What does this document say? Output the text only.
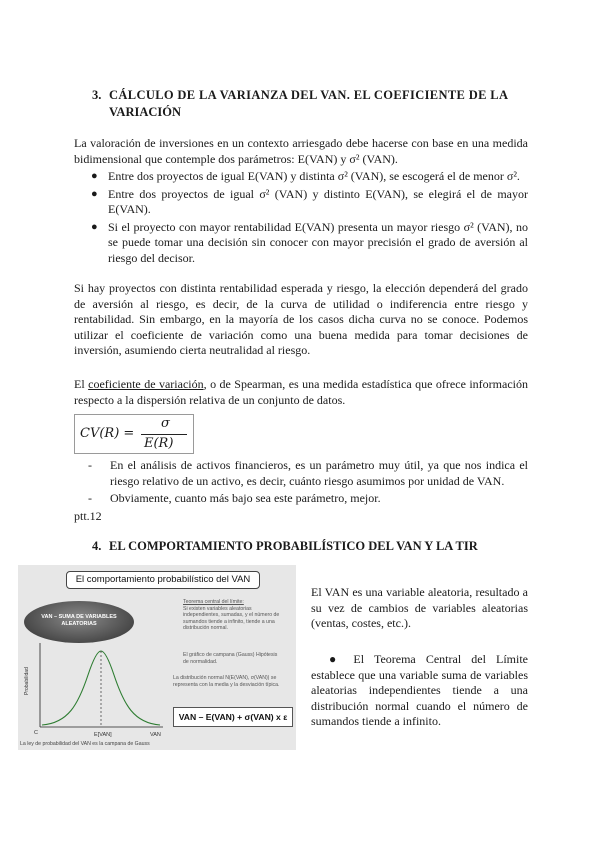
3. CÁLCULO DE LA VARIANZA DEL VAN. EL COEFICIENTE DE LA
VARIACIÓN
La valoración de inversiones en un contexto arriesgado debe hacerse con base en una medida bidimensional que contemple dos parámetros: E(VAN) y σ² (VAN).
● Entre dos proyectos de igual E(VAN) y distinta σ² (VAN), se escogerá el de menor σ².
● Entre dos proyectos de igual σ² (VAN) y distinto E(VAN), se elegirá el de mayor E(VAN).
● Si el proyecto con mayor rentabilidad E(VAN) presenta un mayor riesgo σ² (VAN), no se puede tomar una decisión sin conocer con mayor precisión el grado de aversión al riesgo del decisor.
Si hay proyectos con distinta rentabilidad esperada y riesgo, la elección dependerá del grado de aversión al riesgo, es decir, de la curva de utilidad o indiferencia entre riesgo y rentabilidad. Sin embargo, en la mayoría de los casos dicha curva no se conoce. Podemos utilizar el coeficiente de variación como una buena medida para tomar decisiones de inversión, asumiendo cierta neutralidad al riesgo.
El coeficiente de variación, o de Spearman, es una medida estadística que ofrece información respecto a la dispersión relativa de un conjunto de datos.
CV(R) =
σ
E(R)
- En el análisis de activos financieros, es un parámetro muy útil, ya que nos indica el riesgo relativo de un activo, es decir, cuánto riesgo asumimos por unidad de VAN.
- Obviamente, cuanto más bajo sea este parámetro, mejor.
ptt.12
4. EL COMPORTAMIENTO PROBABILÍSTICO DEL VAN Y LA TIR
El comportamiento probabilístico del VAN
VAN – SUMA DE VARIABLES ALEATORIAS
Teorema central del límite:
Si existen variables aleatorias independientes, sumadas, y el número de sumandos tiende a infinito, tiende a una distribución normal.
El gráfico de campana (Gauss) Hipótesis de normalidad.
La distribución normal N(E(VAN), σ(VAN)) se representa con la media y la desviación típica.
Probabilidad
E[VAN]
C	VAN
VAN – E(VAN) + σ(VAN) x ε
La ley de probabilidad del VAN es la campana de Gauss
El VAN es una variable aleatoria, resultado a su vez de cambios de variables aleatorias (ventas, costes, etc.).
● El Teorema Central del Límite establece que una variable suma de variables aleatorias independientes tiende a una distribución normal cuando el número de sumandos tiende a infinito.
